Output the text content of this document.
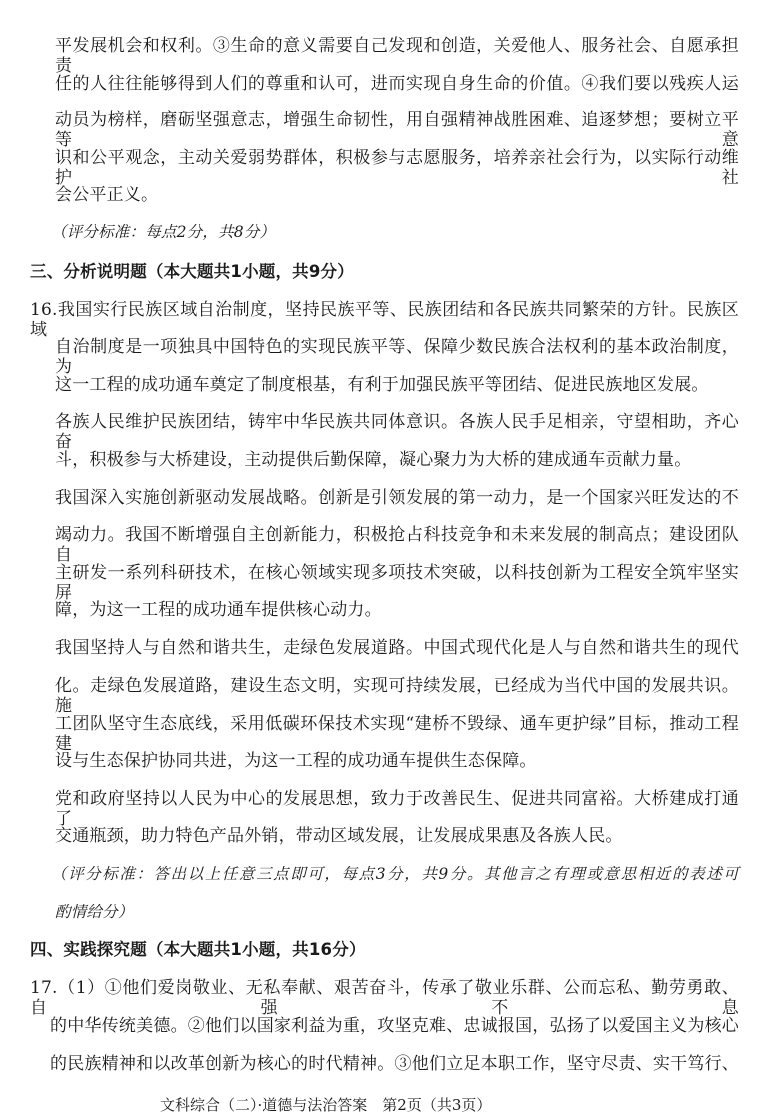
平发展机会和权利。③生命的意义需要自己发现和创造，关爱他人、服务社会、自愿承担责
任的人往往能够得到人们的尊重和认可，进而实现自身生命的价值。④我们要以残疾人运
动员为榜样，磨砺坚强意志，增强生命韧性，用自强精神战胜困难、追逐梦想；要树立平等意
识和公平观念，主动关爱弱势群体，积极参与志愿服务，培养亲社会行为，以实际行动维护社
会公平正义。
（评分标准：每点2分，共8分）
三、分析说明题（本大题共1小题，共9分）
16.我国实行民族区域自治制度，坚持民族平等、民族团结和各民族共同繁荣的方针。民族区域
自治制度是一项独具中国特色的实现民族平等、保障少数民族合法权利的基本政治制度，为
这一工程的成功通车奠定了制度根基，有利于加强民族平等团结、促进民族地区发展。
各族人民维护民族团结，铸牢中华民族共同体意识。各族人民手足相亲，守望相助，齐心奋
斗，积极参与大桥建设，主动提供后勤保障，凝心聚力为大桥的建成通车贡献力量。
我国深入实施创新驱动发展战略。创新是引领发展的第一动力，是一个国家兴旺发达的不
竭动力。我国不断增强自主创新能力，积极抢占科技竞争和未来发展的制高点；建设团队自
主研发一系列科研技术，在核心领域实现多项技术突破，以科技创新为工程安全筑牢坚实屏
障，为这一工程的成功通车提供核心动力。
我国坚持人与自然和谐共生，走绿色发展道路。中国式现代化是人与自然和谐共生的现代
化。走绿色发展道路，建设生态文明，实现可持续发展，已经成为当代中国的发展共识。施
工团队坚守生态底线，采用低碳环保技术实现“建桥不毁绿、通车更护绿”目标，推动工程建
设与生态保护协同共进，为这一工程的成功通车提供生态保障。
党和政府坚持以人民为中心的发展思想，致力于改善民生、促进共同富裕。大桥建成打通了
交通瓶颈，助力特色产品外销，带动区域发展，让发展成果惠及各族人民。
（评分标准：答出以上任意三点即可，每点3分，共9分。其他言之有理或意思相近的表述可
酌情给分）
四、实践探究题（本大题共1小题，共16分）
17.（1）①他们爱岗敬业、无私奉献、艰苦奋斗，传承了敬业乐群、公而忘私、勤劳勇敢、自强不息
的中华传统美德。②他们以国家利益为重，攻坚克难、忠诚报国，弘扬了以爱国主义为核心
的民族精神和以改革创新为核心的时代精神。③他们立足本职工作，坚守尽责、实干笃行、
文科综合（二）·道德与法治答案　第2页（共3页）
